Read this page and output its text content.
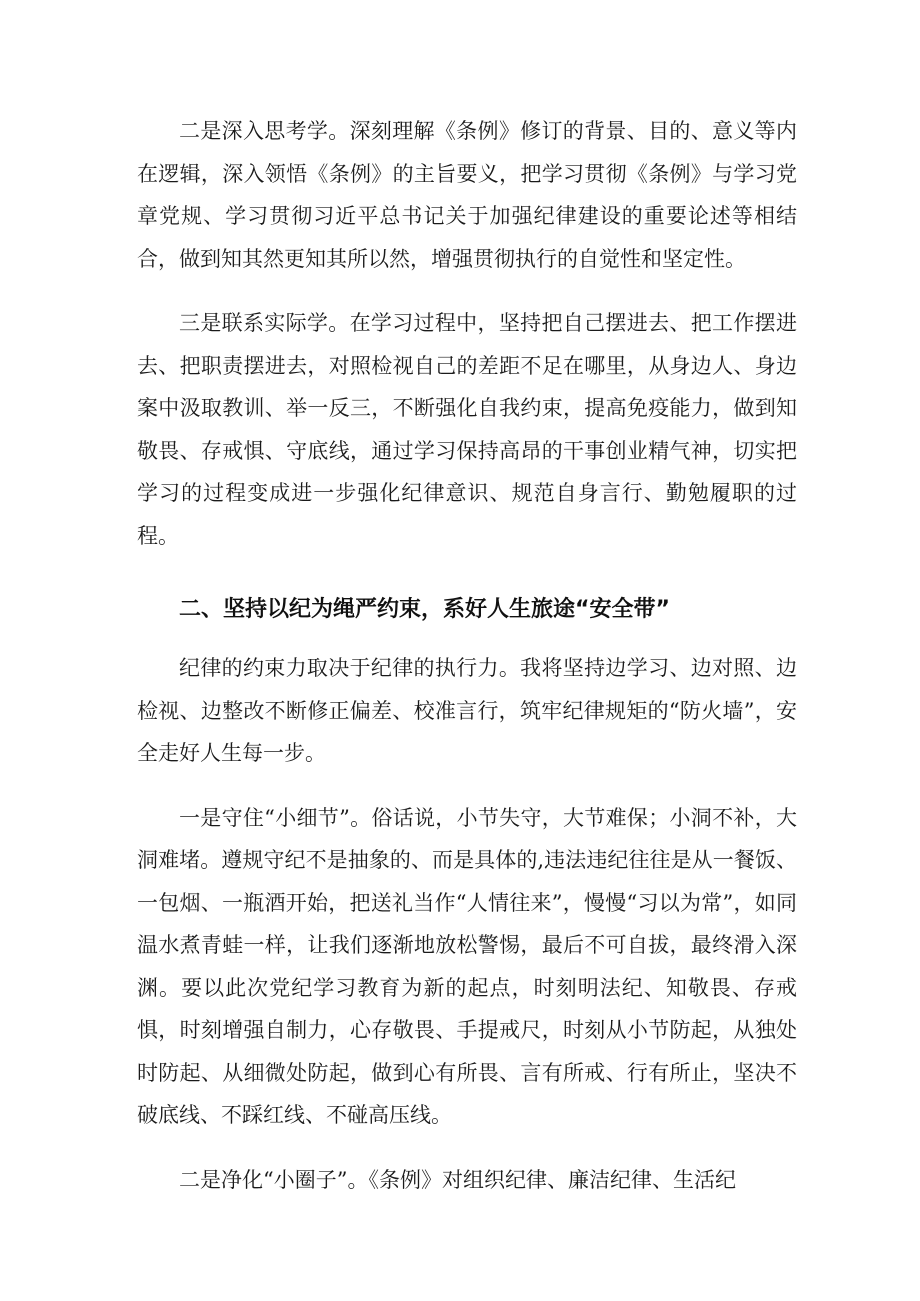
二是深入思考学。深刻理解《条例》修订的背景、目的、意义等内在逻辑，深入领悟《条例》的主旨要义，把学习贯彻《条例》与学习党章党规、学习贯彻习近平总书记关于加强纪律建设的重要论述等相结合，做到知其然更知其所以然，增强贯彻执行的自觉性和坚定性。

三是联系实际学。在学习过程中，坚持把自己摆进去、把工作摆进去、把职责摆进去，对照检视自己的差距不足在哪里，从身边人、身边案中汲取教训、举一反三，不断强化自我约束，提高免疫能力，做到知敬畏、存戒惧、守底线，通过学习保持高昂的干事创业精气神，切实把学习的过程变成进一步强化纪律意识、规范自身言行、勤勉履职的过程。

二、坚持以纪为绳严约束，系好人生旅途“安全带”

纪律的约束力取决于纪律的执行力。我将坚持边学习、边对照、边检视、边整改不断修正偏差、校准言行，筑牢纪律规矩的“防火墙”，安全走好人生每一步。

一是守住“小细节”。俗话说，小节失守，大节难保；小洞不补，大洞难堵。遵规守纪不是抽象的、而是具体的,违法违纪往往是从一餐饭、一包烟、一瓶酒开始，把送礼当作“人情往来”，慢慢“习以为常”，如同温水煮青蛙一样，让我们逐渐地放松警惕，最后不可自拔，最终滑入深渊。要以此次党纪学习教育为新的起点，时刻明法纪、知敬畏、存戒惧，时刻增强自制力，心存敬畏、手提戒尺，时刻从小节防起，从独处时防起、从细微处防起，做到心有所畏、言有所戒、行有所止，坚决不破底线、不踩红线、不碰高压线。

二是净化“小圈子”。《条例》对组织纪律、廉洁纪律、生活纪
